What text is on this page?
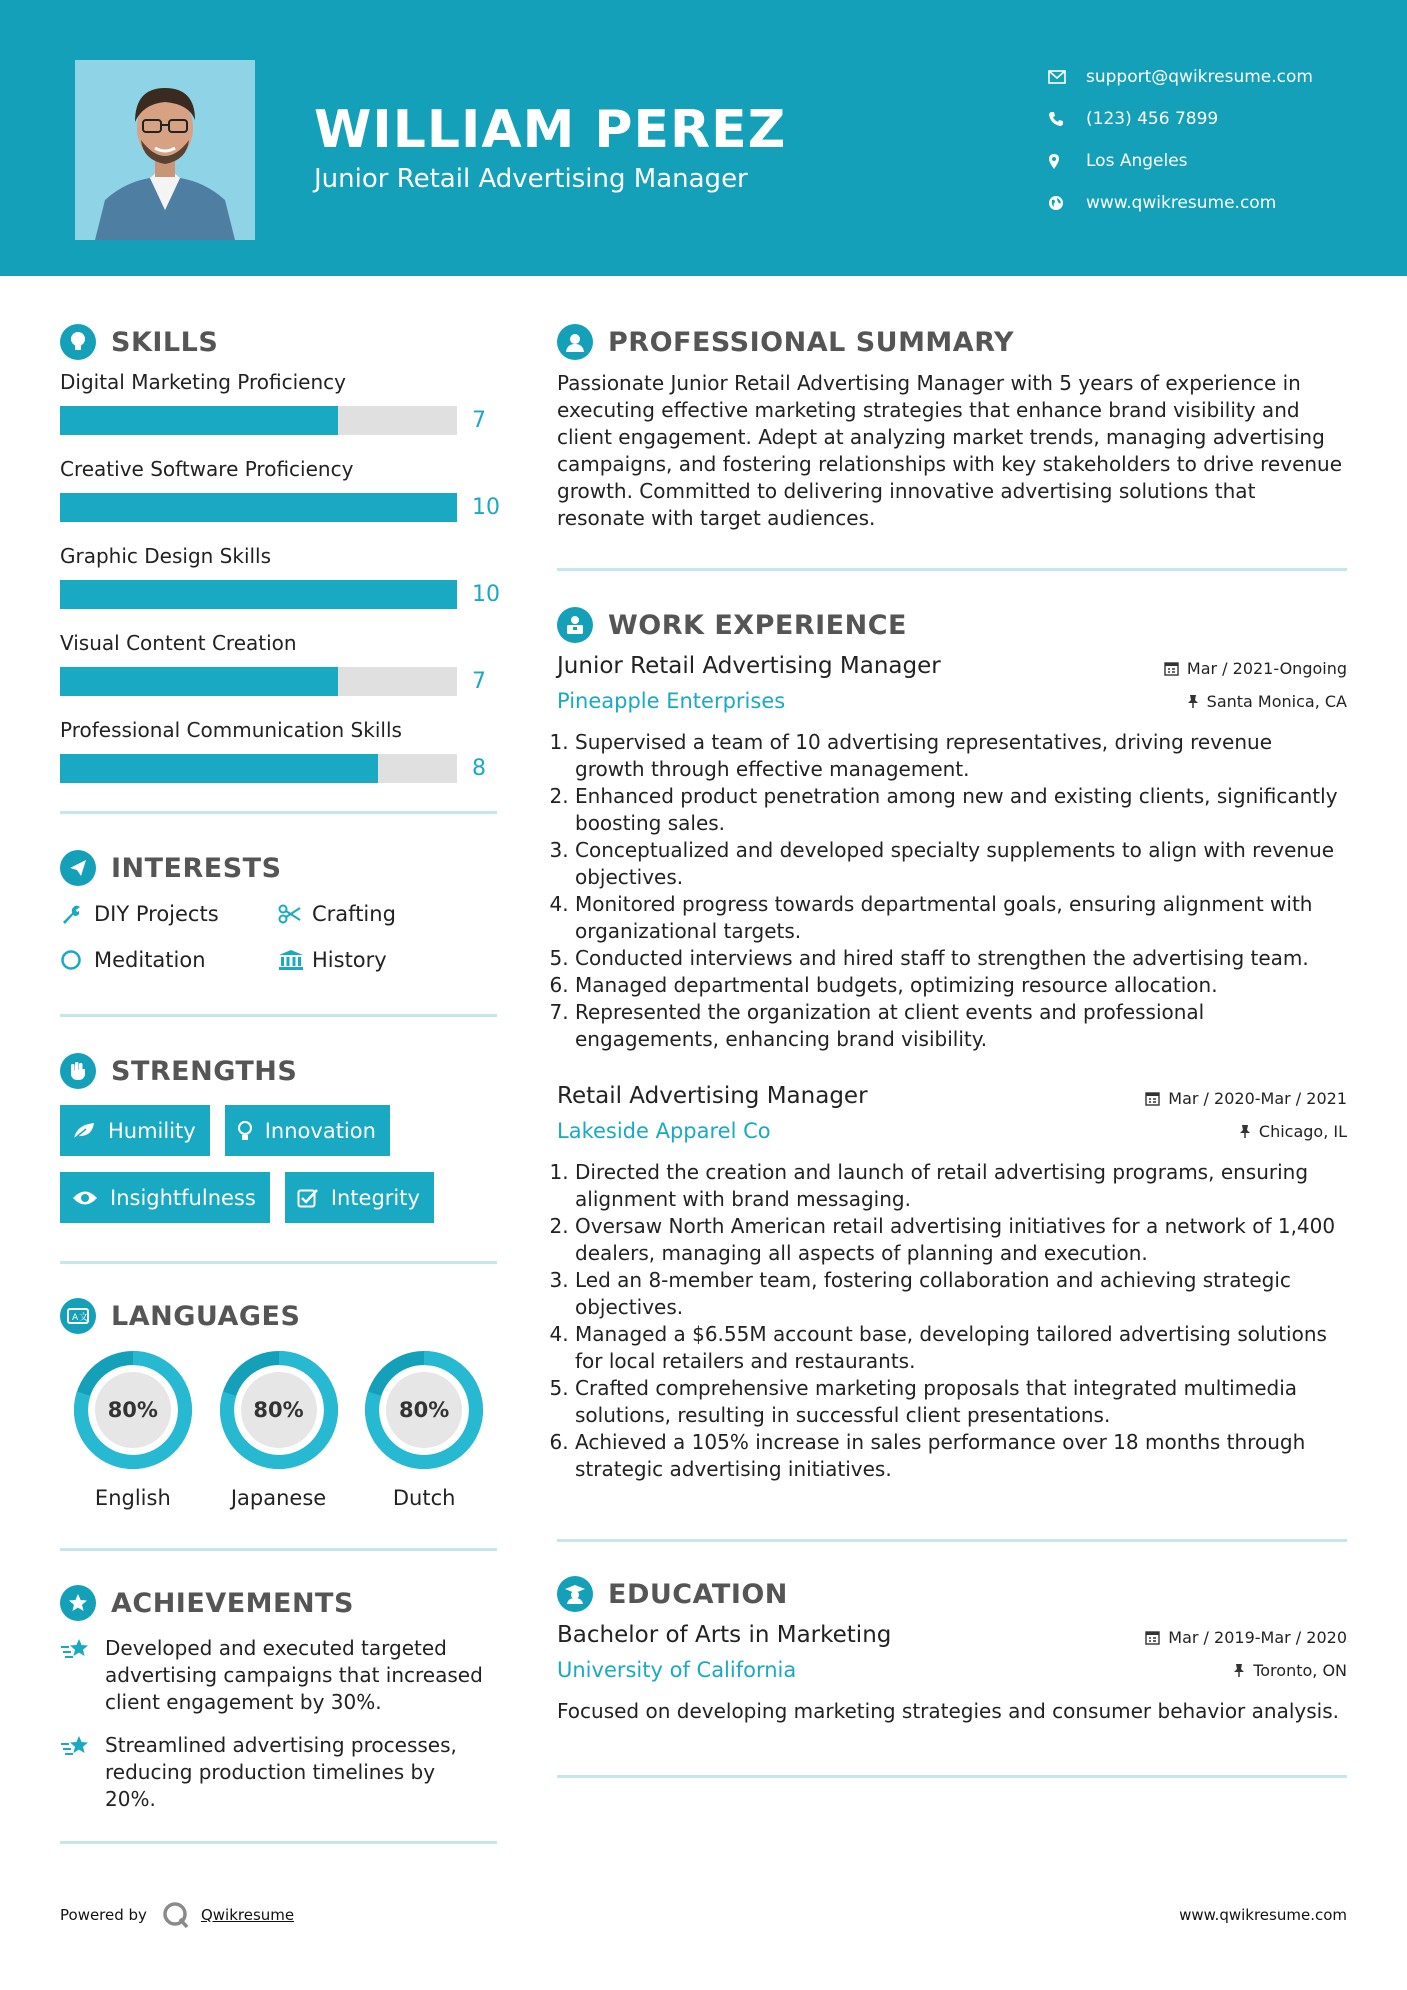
WILLIAM PEREZ
Junior Retail Advertising Manager
support@qwikresume.com
(123) 456 7899
Los Angeles
www.qwikresume.com
SKILLS
Digital Marketing Proficiency
7
Creative Software Proficiency
10
Graphic Design Skills
10
Visual Content Creation
7
Professional Communication Skills
8
INTERESTS
DIY Projects	Crafting
Meditation	History
STRENGTHS
Humility	Innovation
Insightfulness	Integrity
A 文 LANGUAGES
80%
English
80%
Japanese
80%
Dutch
ACHIEVEMENTS
Developed and executed targeted advertising campaigns that increased client engagement by 30%.
Streamlined advertising processes, reducing production timelines by 20%.
PROFESSIONAL SUMMARY

Passionate Junior Retail Advertising Manager with 5 years of experience in executing effective marketing strategies that enhance brand visibility and client engagement. Adept at analyzing market trends, managing advertising campaigns, and fostering relationships with key stakeholders to drive revenue growth. Committed to delivering innovative advertising solutions that resonate with target audiences.

WORK EXPERIENCE
Junior Retail Advertising Manager	Mar / 2021-Ongoing
Pineapple Enterprises	Santa Monica, CA
1. Supervised a team of 10 advertising representatives, driving revenue growth through effective management.
2. Enhanced product penetration among new and existing clients, significantly boosting sales.
3. Conceptualized and developed specialty supplements to align with revenue objectives.
4. Monitored progress towards departmental goals, ensuring alignment with organizational targets.
5. Conducted interviews and hired staff to strengthen the advertising team.
6. Managed departmental budgets, optimizing resource allocation.
7. Represented the organization at client events and professional engagements, enhancing brand visibility.
Retail Advertising Manager	Mar / 2020-Mar / 2021
Lakeside Apparel Co	Chicago, IL
1. Directed the creation and launch of retail advertising programs, ensuring alignment with brand messaging.
2. Oversaw North American retail advertising initiatives for a network of 1,400 dealers, managing all aspects of planning and execution.
3. Led an 8-member team, fostering collaboration and achieving strategic objectives.
4. Managed a $6.55M account base, developing tailored advertising solutions for local retailers and restaurants.
5. Crafted comprehensive marketing proposals that integrated multimedia solutions, resulting in successful client presentations.
6. Achieved a 105% increase in sales performance over 18 months through strategic advertising initiatives.
EDUCATION
Bachelor of Arts in Marketing	Mar / 2019-Mar / 2020
University of California	Toronto, ON

Focused on developing marketing strategies and consumer behavior analysis.

Powered by	Qwikresume	www.qwikresume.com
